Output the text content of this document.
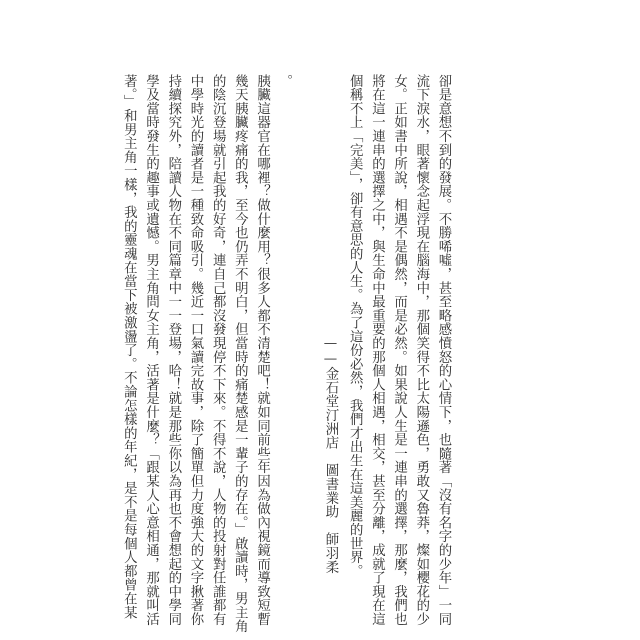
卻是意想不到的發展。不勝唏噓，甚至略感憤怒的心情下，也隨著「沒有名字的少年」一同
流下淚水，眼著懷念起浮現在腦海中，那個笑得不比太陽遜色，勇敢又魯莽，燦如櫻花的少
女。正如書中所說，相遇不是偶然，而是必然。如果說人生是一連串的選擇，那麼，我們也
將在這一連串的選擇之中，與生命中最重要的那個人相遇，相交，甚至分離，成就了現在這
個稱不上「完美」，卻有意思的人生。為了這份必然，我們才出生在這美麗的世界。
——金石堂汀洲店　圖書業助　師羽柔
。
胰臟這器官在哪裡？做什麼用？很多人都不清楚吧！就如同前些年因為做內視鏡而導致短暫
幾天胰臟疼痛的我，至今也仍弄不明白，但當時的痛楚感是一輩子的存在。」啟讀時，男主角
的陰沉登場就引起我的好奇，連自己都沒發現停不下來。不得不說，人物的投射對任誰都有
中學時光的讀者是一種致命吸引。幾近一口氣讀完故事，除了簡單但力度強大的文字揪著你
持續探究外，陪讀人物在不同篇章中一一登場，哈！就是那些你以為再也不會想起的中學同
學及當時發生的趣事或遺憾。男主角問女主角，活著是什麼？「跟某人心意相通，那就叫活
著。」和男主角一樣，我的靈魂在當下被激盪了。不論怎樣的年紀，是不是每個人都曾在某
